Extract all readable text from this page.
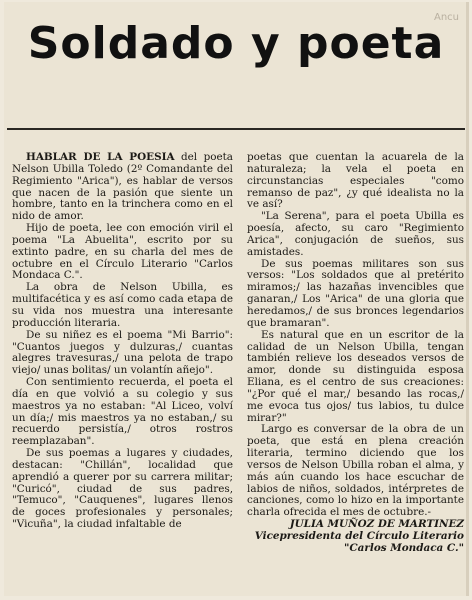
Soldado y poeta
Ancu

HABLAR DE LA POESIA del poeta Nelson Ubilla Toledo (2º Comandante del Regimiento "Arica"), es hablar de versos que nacen de la pasión que siente un hombre, tanto en la trinchera como en el nido de amor.

Hijo de poeta, lee con emoción viril el poema "La Abuelita", escrito por su extinto padre, en su charla del mes de octubre en el Círculo Literario "Carlos Mondaca C.".

La obra de Nelson Ubilla, es multifacética y es así como cada etapa de su vida nos muestra una interesante producción literaria.

De su niñez es el poema "Mi Barrio": "Cuantos juegos y dulzuras,/ cuantas alegres travesuras,/ una pelota de trapo viejo/ unas bolitas/ un volantín añejo".

Con sentimiento recuerda, el poeta el día en que volvió a su colegio y sus maestros ya no estaban: "Al Liceo, volví un día;/ mis maestros ya no estaban,/ su recuerdo persistía,/ otros rostros reemplazaban".

De sus poemas a lugares y ciudades, destacan: "Chillán", localidad que aprendió a querer por su carrera militar; "Curicó", ciudad de sus padres, "Temuco", "Cauquenes", lugares llenos de goces profesionales y personales; "Vicuña", la ciudad infaltable de

poetas que cuentan la acuarela de la naturaleza; la vela el poeta en circunstancias especiales "como remanso de paz", ¿y qué idealista no la ve así?

"La Serena", para el poeta Ubilla es poesía, afecto, su caro "Regimiento Arica", conjugación de sueños, sus amistades.

De sus poemas militares son sus versos: "Los soldados que al pretérito miramos;/ las hazañas invencibles que ganaran,/ Los "Arica" de una gloria que heredamos,/ de sus bronces legendarios que bramaran".

Es natural que en un escritor de la calidad de un Nelson Ubilla, tengan también relieve los deseados versos de amor, donde su distinguida esposa Eliana, es el centro de sus creaciones: "¿Por qué el mar,/ besando las rocas,/ me evoca tus ojos/ tus labios, tu dulce mirar?"

Largo es conversar de la obra de un poeta, que está en plena creación literaria, termino diciendo que los versos de Nelson Ubilla roban el alma, y más aún cuando los hace escuchar de labios de niños, soldados, intérpretes de canciones, como lo hizo en la importante charla ofrecida el mes de octubre.-

JULIA MUÑOZ DE MARTINEZ

Vicepresidenta del Círculo Literario

"Carlos Mondaca C."
